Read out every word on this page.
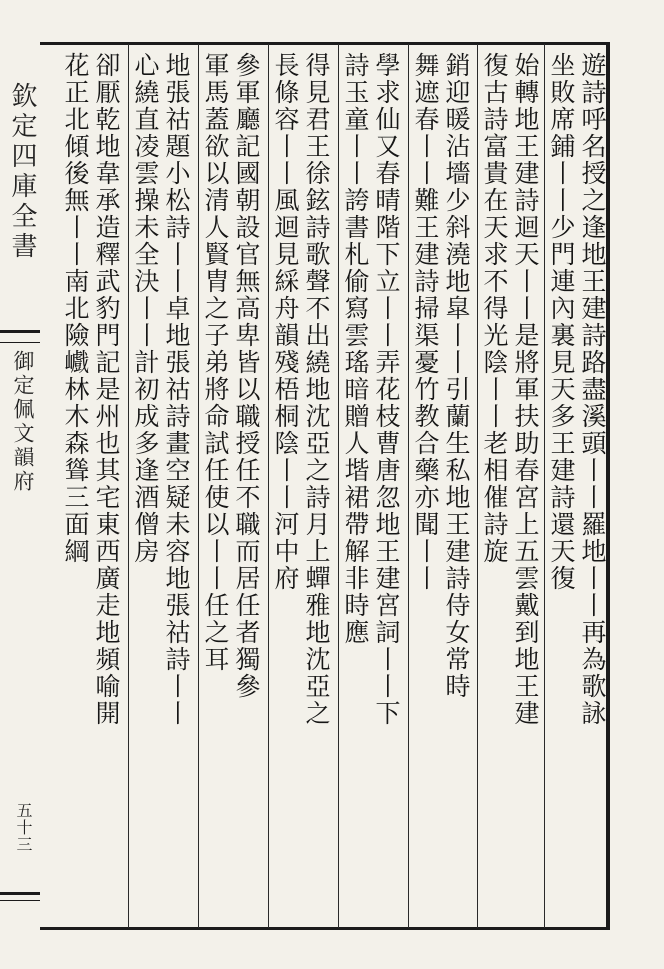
欽定四庫全書
御定佩文韻府
五十三
遊詩呼名授之逢地王建詩路盡溪頭丨丨羅地丨丨再為歌詠
坐敗席鋪丨丨少門連內裏見天多王建詩還天復
始轉地王建詩迴天丨丨是將軍扶助春宮上五雲戴到地王建
復古詩富貴在天求不得光陰丨丨老相催詩旋
銷迎暖沾墻少斜澆地皐丨丨引蘭生私地王建詩侍女常時
舞遮春丨丨難王建詩掃渠憂竹教合藥亦聞丨丨
學求仙又春晴階下立丨丨弄花枝曹唐忽地王建宮詞丨丨下
詩玉童丨丨誇書札偷寫雲瑤暗贈人堦裙帶解非時應
得見君王徐鉉詩歌聲不出繞地沈亞之詩月上蟬雅地沈亞之
長條容丨丨風迴見綵舟韻殘梧桐陰丨丨河中府
參軍廳記國朝設官無高卑皆以職授任不職而居任者獨參
軍馬蓋欲以清人賢胄之子弟將命試任使以丨丨任之耳
地張祜題小松詩丨丨卓地張祜詩畫空疑未容地張祜詩丨丨
心繞直凌雲操未全決丨丨計初成多逢酒僧房
卻厭乾地韋承造釋武豹門記是州也其宅東西廣走地頻喻開
花正北傾後無丨丨南北險巇林木森聳三面綱
